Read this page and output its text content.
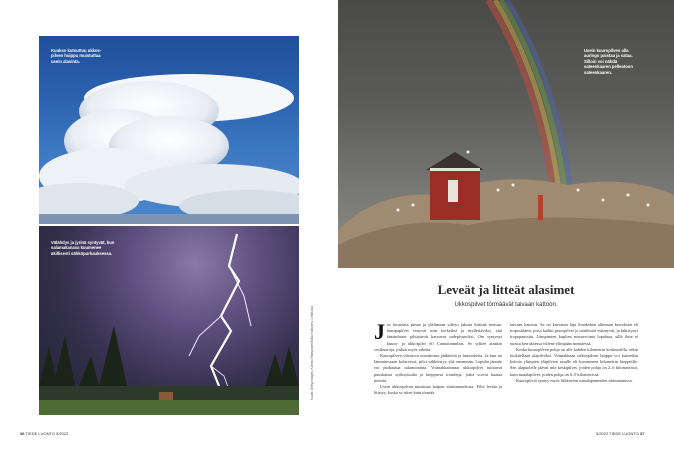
Kuukso kutsuttuu ukkos-pilven huippu muistuttaa usein alasinta.
Välähdys ja jyrinä syntyvät, kun salamakanava kuumenee äkillisesti sähköpurkauksessa.
Kuvat: Getty Images, Kimmo Rampanen/Mika Huttunen, Lehtikuva
36 TIEDE LUONTO 5/2022
Usein kuuropilven alla auringo paistaa ja sataa. Silloin voi nähdä sateenkaaren pelleatoon sateenkaaren.
Leveät ja litteät alasimet
Ukkospilvet törmäävät taivaan kattoon.

Jos kosteutta piisaa ja ylälimaan viileys jakoaa kirittää nousua, kumpupilvet venyvät niin korkeiksi ja mylleriäviksi, että tämänlaiset pilvipiirrät kasvavat sadepisaroiksi. Om syntynyt kuuro- ja ukkospilvi eli Cumulonimbus. Se sylkee ainakin vesikuuroja, joskus myös rakeita.

Kuuropilven yläosissa muodostuu jääkiteitä ja lumirakeita. Ja kun ne lämmitessaan kolaroivat, pilvi sähköistyy yhä enemmän. Lopulta jännite voi purkautua salamointina. Voimakkaimmat ukkospilvet tuottavat puuskaisia syöksytuulia ja kieppuvia trombeja, jotka voivat kaataa metsää.

Usein ukkospilven tunnistaa huipun alasinmuodosta. Pilvi leviää ja litistyy, koska se iskee kuin törmää

taivaan kattoon. Se on kasvanut läpi ilmakehän alimman kerroksen eli troposfäärin, jossa kaikki perospilvet ja säätilmiöt esiintyvät, ja kihistynyt tropopaussiin. Lämpimien kuplien nousuvoima lopahtaa, sillä ilma ei tuossa kerroksessa viilene ylimpään mentäessä.

Koska kuuropilven pohja on alle kahden kilometrin korkeudella, sekin luokitellaan alapilveksi. Voimakkaan ukkospilven huippu voi kuitenkin kohota ylimpien yläpilvien tasalle eli kymmenen kilometrin kieppeille. Sen alapuolelle jäävät niin keskipilvet, joiden pohja on 2–6 kilometrissä, kuin matalapilvet, joiden pohja on 6–9 kilometrissä.

Kuuropilviä syntyy myös liikkuvien matalapaineiden säärintamissa.

5/2022 TIEDE LUONTO 37
